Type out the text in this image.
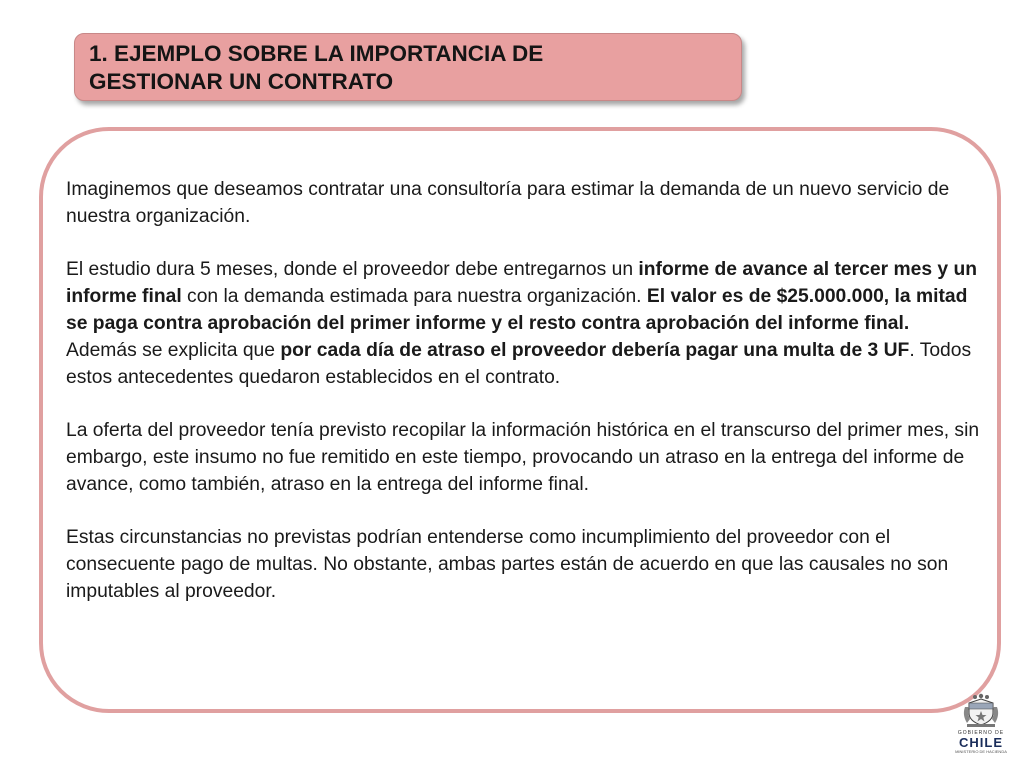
1. EJEMPLO SOBRE LA IMPORTANCIA DE
GESTIONAR UN CONTRATO

Imaginemos que deseamos contratar una consultoría para estimar la demanda de un nuevo servicio de nuestra organización.

El estudio dura 5 meses, donde el proveedor debe entregarnos un informe de avance al tercer mes y un informe final con la demanda estimada para nuestra organización. El valor es de $25.000.000, la mitad se paga contra aprobación del primer informe y el resto contra aprobación del informe final. Además se explicita que por cada día de atraso el proveedor debería pagar una multa de 3 UF. Todos estos antecedentes quedaron establecidos en el contrato.

La oferta del proveedor tenía previsto recopilar la información histórica en el transcurso del primer mes, sin embargo, este insumo no fue remitido en este tiempo, provocando un atraso en la entrega del informe de avance, como también, atraso en la entrega del informe final.

Estas circunstancias no previstas podrían entenderse como incumplimiento del proveedor con el consecuente pago de multas. No obstante, ambas partes están de acuerdo en que las causales no son imputables al proveedor.

GOBIERNO DE
CHILE
MINISTERIO DE HACIENDA
